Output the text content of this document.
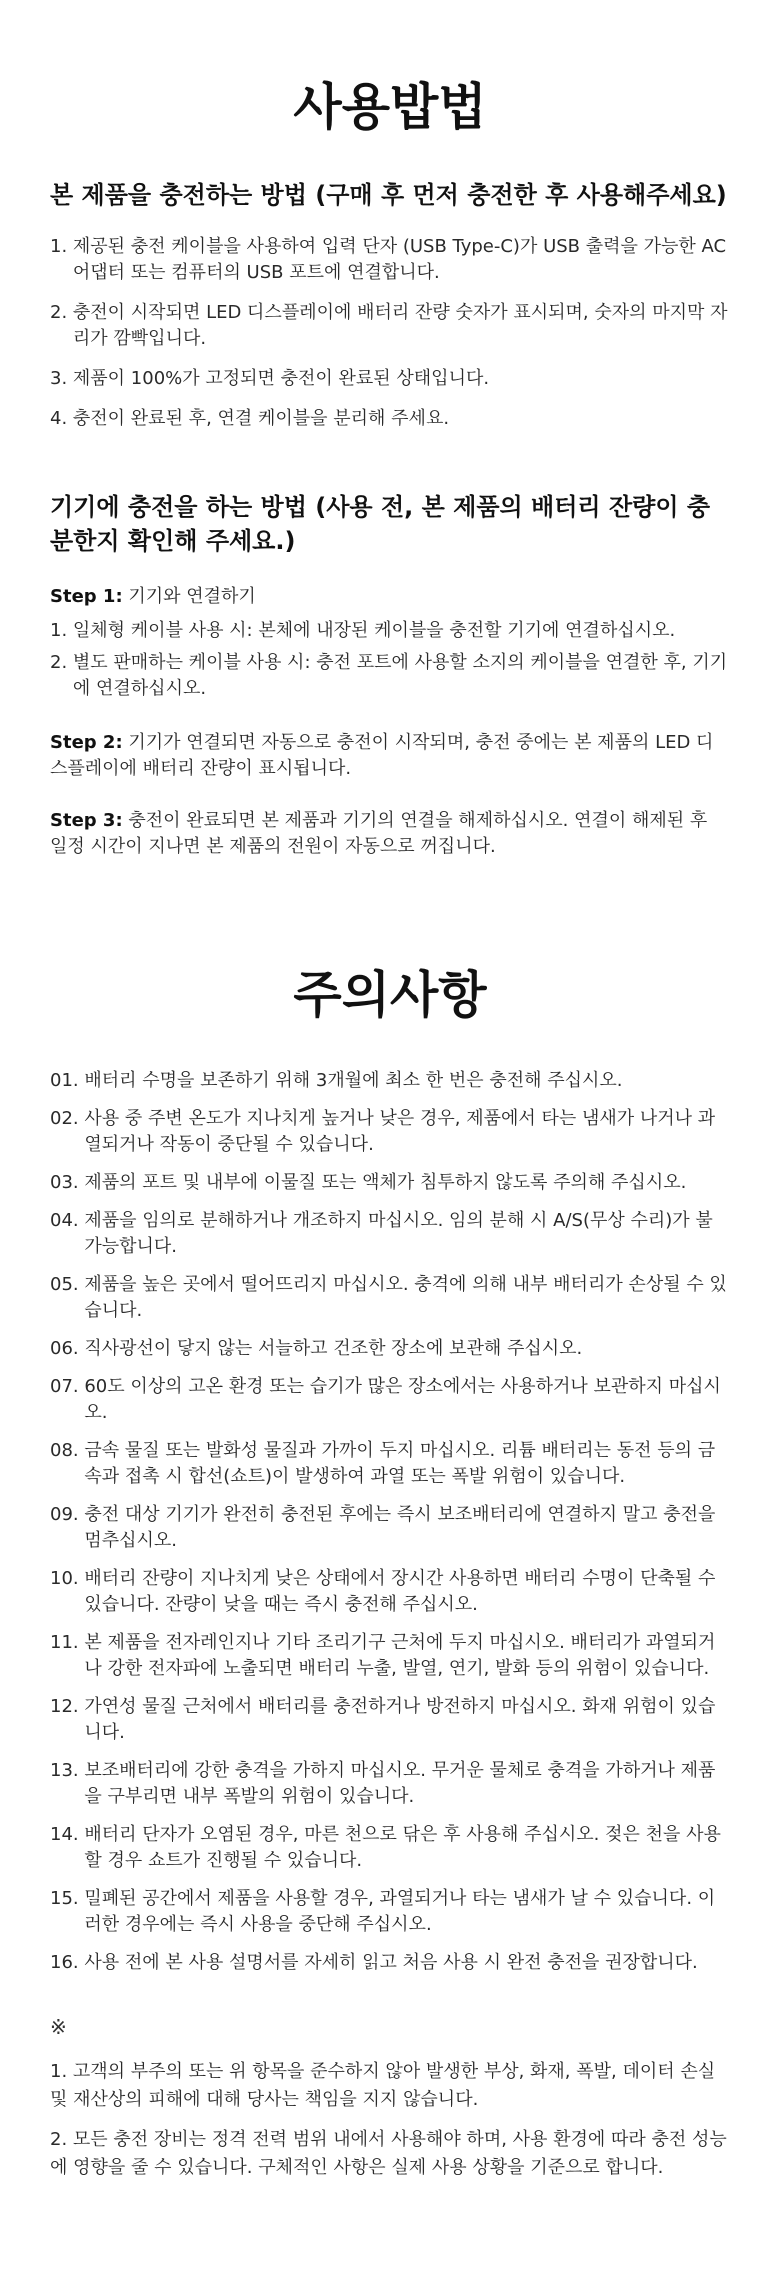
사용밥법
본 제품을 충전하는 방법 (구매 후 먼저 충전한 후 사용해주세요)
1. 제공된 충전 케이블을 사용하여 입력 단자 (USB Type-C)가 USB 출력을 가능한 AC 어댑터 또는 컴퓨터의 USB 포트에 연결합니다.
2. 충전이 시작되면 LED 디스플레이에 배터리 잔량 숫자가 표시되며, 숫자의 마지막 자리가 깜빡입니다.
3. 제품이 100%가 고정되면 충전이 완료된 상태입니다.
4. 충전이 완료된 후, 연결 케이블을 분리해 주세요.
기기에 충전을 하는 방법 (사용 전, 본 제품의 배터리 잔량이 충분한지 확인해 주세요.)

Step 1: 기기와 연결하기

1. 일체형 케이블 사용 시: 본체에 내장된 케이블을 충전할 기기에 연결하십시오.
2. 별도 판매하는 케이블 사용 시: 충전 포트에 사용할 소지의 케이블을 연결한 후, 기기에 연결하십시오.

Step 2: 기기가 연결되면 자동으로 충전이 시작되며, 충전 중에는 본 제품의 LED 디스플레이에 배터리 잔량이 표시됩니다.

Step 3: 충전이 완료되면 본 제품과 기기의 연결을 해제하십시오. 연결이 해제된 후 일정 시간이 지나면 본 제품의 전원이 자동으로 꺼집니다.

주의사항
01. 배터리 수명을 보존하기 위해 3개월에 최소 한 번은 충전해 주십시오.
02. 사용 중 주변 온도가 지나치게 높거나 낮은 경우, 제품에서 타는 냄새가 나거나 과열되거나 작동이 중단될 수 있습니다.
03. 제품의 포트 및 내부에 이물질 또는 액체가 침투하지 않도록 주의해 주십시오.
04. 제품을 임의로 분해하거나 개조하지 마십시오. 임의 분해 시 A/S(무상 수리)가 불가능합니다.
05. 제품을 높은 곳에서 떨어뜨리지 마십시오. 충격에 의해 내부 배터리가 손상될 수 있습니다.
06. 직사광선이 닿지 않는 서늘하고 건조한 장소에 보관해 주십시오.
07. 60도 이상의 고온 환경 또는 습기가 많은 장소에서는 사용하거나 보관하지 마십시오.
08. 금속 물질 또는 발화성 물질과 가까이 두지 마십시오. 리튬 배터리는 동전 등의 금속과 접촉 시 합선(쇼트)이 발생하여 과열 또는 폭발 위험이 있습니다.
09. 충전 대상 기기가 완전히 충전된 후에는 즉시 보조배터리에 연결하지 말고 충전을 멈추십시오.
10. 배터리 잔량이 지나치게 낮은 상태에서 장시간 사용하면 배터리 수명이 단축될 수 있습니다. 잔량이 낮을 때는 즉시 충전해 주십시오.
11. 본 제품을 전자레인지나 기타 조리기구 근처에 두지 마십시오. 배터리가 과열되거나 강한 전자파에 노출되면 배터리 누출, 발열, 연기, 발화 등의 위험이 있습니다.
12. 가연성 물질 근처에서 배터리를 충전하거나 방전하지 마십시오. 화재 위험이 있습니다.
13. 보조배터리에 강한 충격을 가하지 마십시오. 무거운 물체로 충격을 가하거나 제품을 구부리면 내부 폭발의 위험이 있습니다.
14. 배터리 단자가 오염된 경우, 마른 천으로 닦은 후 사용해 주십시오. 젖은 천을 사용할 경우 쇼트가 진행될 수 있습니다.
15. 밀폐된 공간에서 제품을 사용할 경우, 과열되거나 타는 냄새가 날 수 있습니다. 이러한 경우에는 즉시 사용을 중단해 주십시오.
16. 사용 전에 본 사용 설명서를 자세히 읽고 처음 사용 시 완전 충전을 권장합니다.

※

1. 고객의 부주의 또는 위 항목을 준수하지 않아 발생한 부상, 화재, 폭발, 데이터 손실 및 재산상의 피해에 대해 당사는 책임을 지지 않습니다.
2. 모든 충전 장비는 정격 전력 범위 내에서 사용해야 하며, 사용 환경에 따라 충전 성능에 영향을 줄 수 있습니다. 구체적인 사항은 실제 사용 상황을 기준으로 합니다.
